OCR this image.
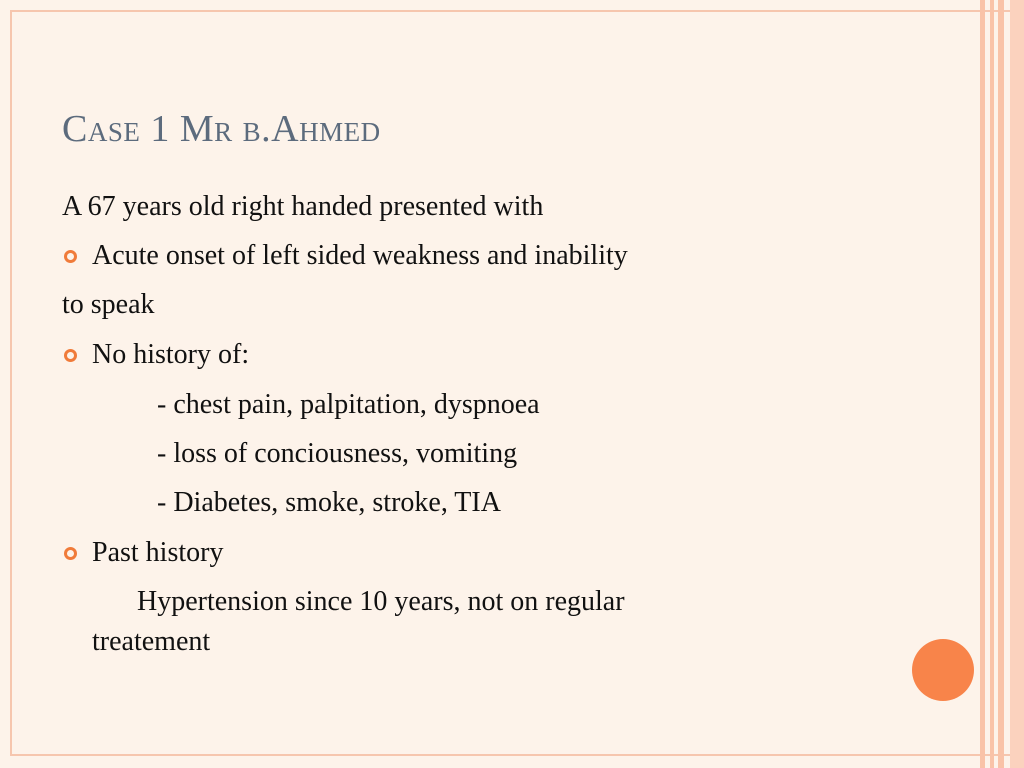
Case 1 Mr b.Ahmed
A 67 years old right handed presented with
Acute onset of left sided weakness and inability
to speak
No history of:
- chest pain, palpitation, dyspnoea
- loss of conciousness, vomiting
- Diabetes, smoke, stroke, TIA
Past history
Hypertension since 10 years, not on regular
treatement
